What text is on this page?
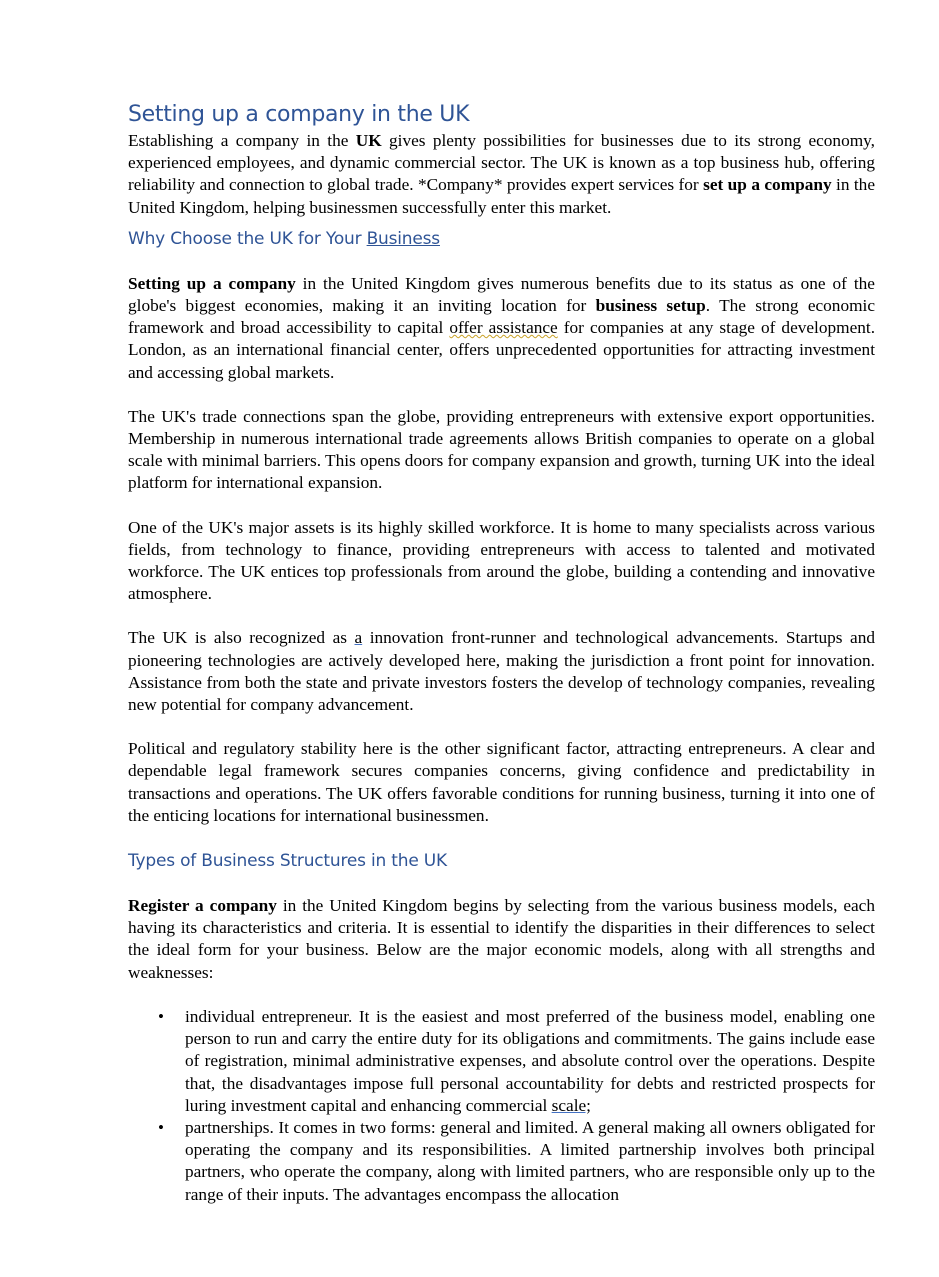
Setting up a company in the UK

Establishing a company in the UK gives plenty possibilities for businesses due to its strong economy, experienced employees, and dynamic commercial sector. The UK is known as a top business hub, offering reliability and connection to global trade. *Company* provides expert services for set up a company in the United Kingdom, helping businessmen successfully enter this market.

Why Choose the UK for Your Business

Setting up a company in the United Kingdom gives numerous benefits due to its status as one of the globe's biggest economies, making it an inviting location for business setup. The strong economic framework and broad accessibility to capital offer assistance for companies at any stage of development. London, as an international financial center, offers unprecedented opportunities for attracting investment and accessing global markets.

The UK's trade connections span the globe, providing entrepreneurs with extensive export opportunities. Membership in numerous international trade agreements allows British companies to operate on a global scale with minimal barriers. This opens doors for company expansion and growth, turning UK into the ideal platform for international expansion.

One of the UK's major assets is its highly skilled workforce. It is home to many specialists across various fields, from technology to finance, providing entrepreneurs with access to talented and motivated workforce. The UK entices top professionals from around the globe, building a contending and innovative atmosphere.

The UK is also recognized as a innovation front-runner and technological advancements. Startups and pioneering technologies are actively developed here, making the jurisdiction a front point for innovation. Assistance from both the state and private investors fosters the develop of technology companies, revealing new potential for company advancement.

Political and regulatory stability here is the other significant factor, attracting entrepreneurs. A clear and dependable legal framework secures companies concerns, giving confidence and predictability in transactions and operations. The UK offers favorable conditions for running business, turning it into one of the enticing locations for international businessmen.

Types of Business Structures in the UK

Register a company in the United Kingdom begins by selecting from the various business models, each having its characteristics and criteria. It is essential to identify the disparities in their differences to select the ideal form for your business. Below are the major economic models, along with all strengths and weaknesses:

• individual entrepreneur. It is the easiest and most preferred of the business model, enabling one person to run and carry the entire duty for its obligations and commitments. The gains include ease of registration, minimal administrative expenses, and absolute control over the operations. Despite that, the disadvantages impose full personal accountability for debts and restricted prospects for luring investment capital and enhancing commercial scale;
• partnerships. It comes in two forms: general and limited. A general making all owners obligated for operating the company and its responsibilities. A limited partnership involves both principal partners, who operate the company, along with limited partners, who are responsible only up to the range of their inputs. The advantages encompass the allocation
